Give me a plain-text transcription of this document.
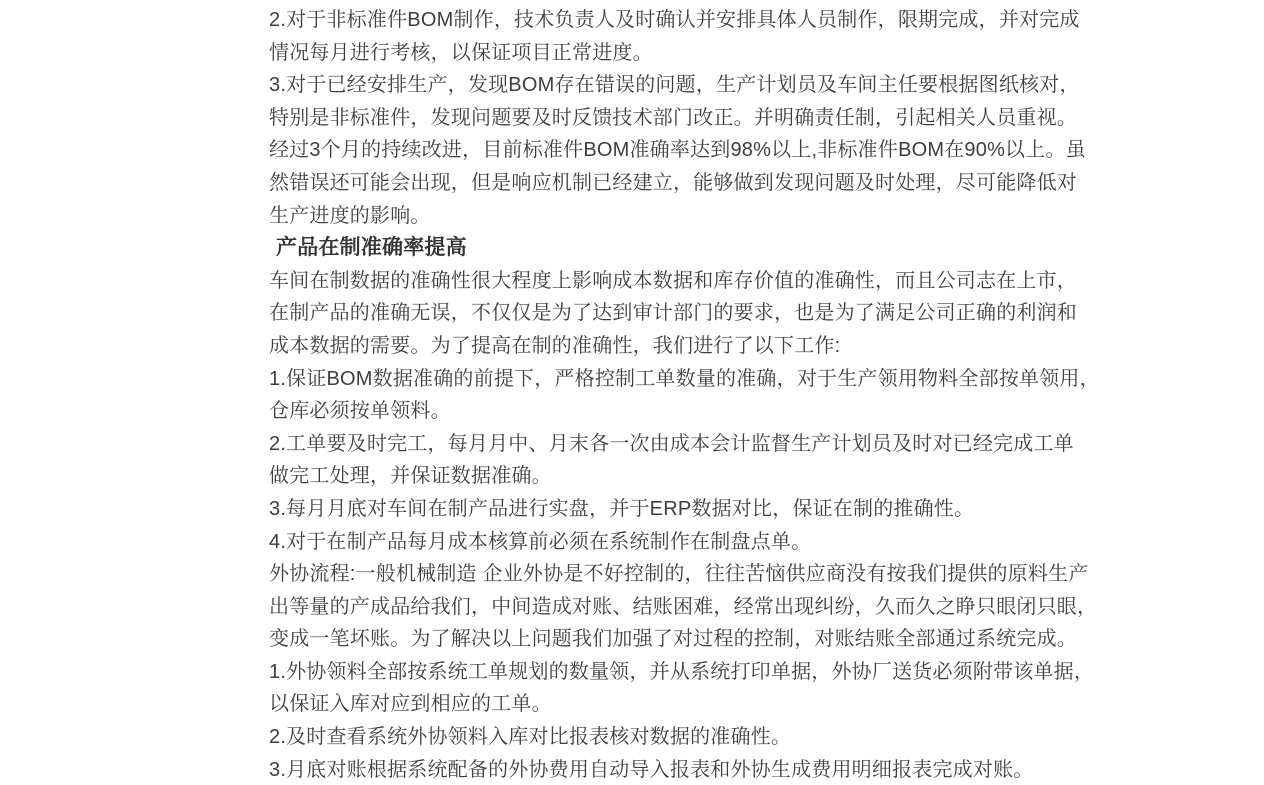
2.对于非标准件BOM制作，技术负责人及时确认并安排具体人员制作，限期完成，并对完成
情况每月进行考核，以保证项目正常进度。
3.对于已经安排生产，发现BOM存在错误的问题，生产计划员及车间主任要根据图纸核对，
特别是非标准件，发现问题要及时反馈技术部门改正。并明确责任制，引起相关人员重视。
经过3个月的持续改进，目前标准件BOM准确率达到98%以上,非标准件BOM在90%以上。虽
然错误还可能会出现，但是响应机制已经建立，能够做到发现问题及时处理，尽可能降低对
生产进度的影响。
产品在制准确率提高
车间在制数据的准确性很大程度上影响成本数据和库存价值的准确性，而且公司志在上市，
在制产品的准确无误，不仅仅是为了达到审计部门的要求，也是为了满足公司正确的利润和
成本数据的需要。为了提高在制的准确性，我们进行了以下工作:
1.保证BOM数据准确的前提下，严格控制工单数量的准确，对于生产领用物料全部按单领用，
仓库必须按单领料。
2.工单要及时完工，每月月中、月末各一次由成本会计监督生产计划员及时对已经完成工单
做完工处理，并保证数据准确。
3.每月月底对车间在制产品进行实盘，并于ERP数据对比，保证在制的推确性。
4.对于在制产品每月成本核算前必须在系统制作在制盘点单。
外协流程:一般机械制造 企业外协是不好控制的，往往苦恼供应商没有按我们提供的原料生产
出等量的产成品给我们，中间造成对账、结账困难，经常出现纠纷，久而久之睁只眼闭只眼，
变成一笔坏账。为了解决以上问题我们加强了对过程的控制，对账结账全部通过系统完成。
1.外协领料全部按系统工单规划的数量领，并从系统打印单据，外协厂送货必须附带该单据，
以保证入库对应到相应的工单。
2.及时查看系统外协领料入库对比报表核对数据的准确性。
3.月底对账根据系统配备的外协费用自动导入报表和外协生成费用明细报表完成对账。
